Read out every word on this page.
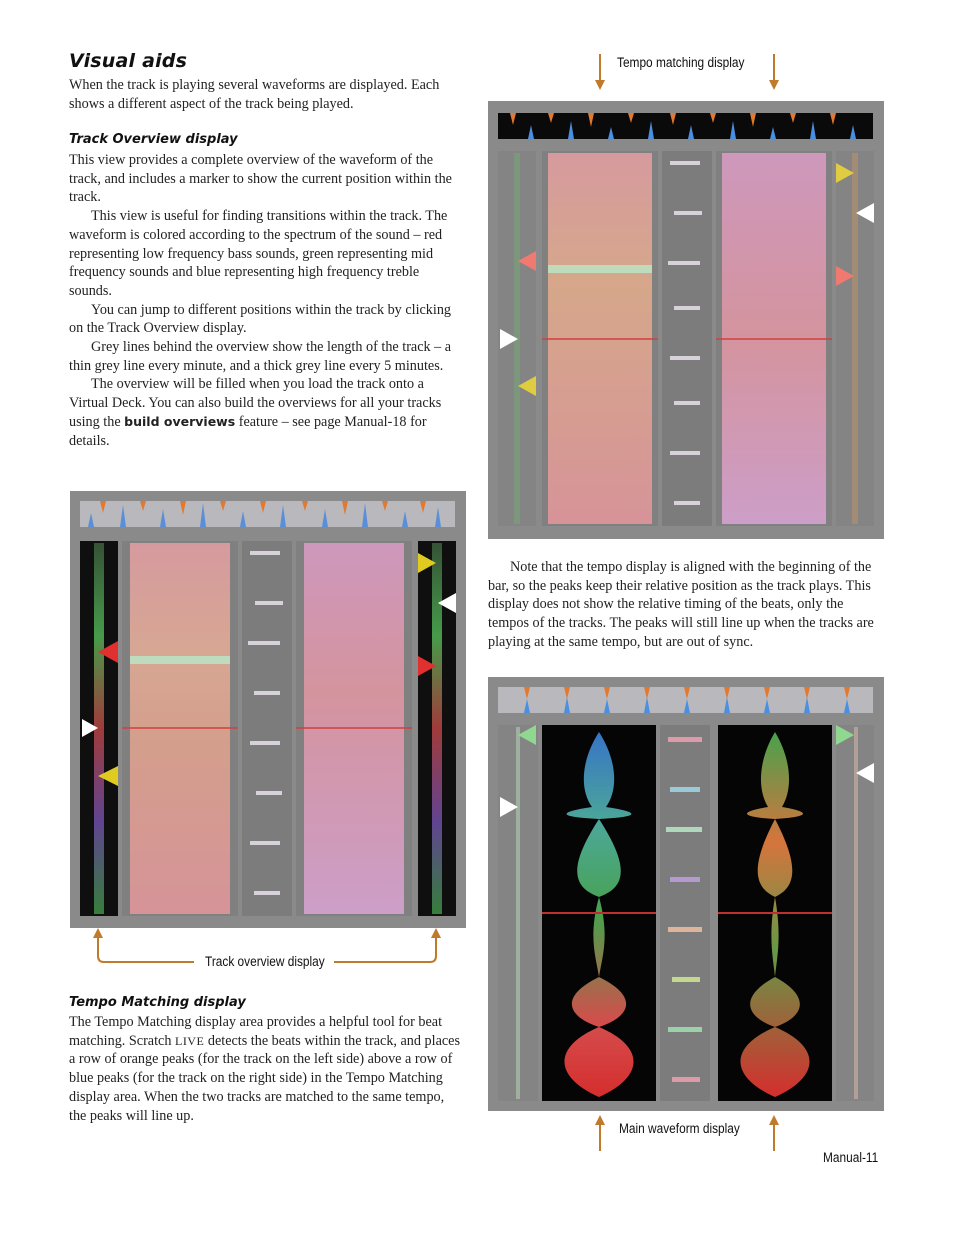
Visual aids

When the track is playing several waveforms are displayed. Each shows a different aspect of the track being played.

Track Overview display

This view provides a complete overview of the waveform of the track, and includes a marker to show the current position within the track.

This view is useful for finding transitions within the track. The waveform is colored according to the spectrum of the sound – red representing low frequency bass sounds, green representing mid frequency sounds and blue representing high frequency treble sounds.

You can jump to different positions within the track by clicking on the Track Overview display.

Grey lines behind the overview show the length of the track – a thin grey line every minute, and a thick grey line every 5 minutes.

The overview will be filled when you load the track onto a Virtual Deck. You can also build the overviews for all your tracks using the build overviews feature – see page Manual-18 for details.

Track overview display
Tempo Matching display

The Tempo Matching display area provides a helpful tool for beat matching. Scratch LIVE detects the beats within the track, and places a row of orange peaks (for the track on the left side) above a row of blue peaks (for the track on the right side) in the Tempo Matching display area. When the two tracks are matched to the same tempo, the peaks will line up.

Tempo matching display

Note that the tempo display is aligned with the beginning of the bar, so the peaks keep their relative position as the track plays. This display does not show the relative timing of the beats, only the tempos of the tracks. The peaks will still line up when the tracks are playing at the same tempo, but are out of sync.

Main waveform display
Manual-11
